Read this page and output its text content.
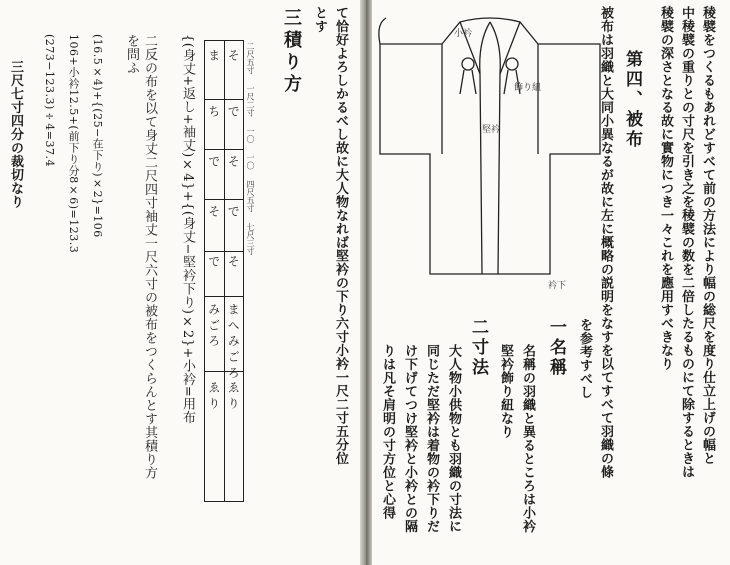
て恰好よろしかるべし故に大人物なれば堅衿の下り六寸小衿一尺二寸五分位
とす
三積り方
そ
で
そ
で
そ
ま へ み ご ろ
ゑ り
ま
ち
で
そ
で
み ご ろ
ゑ り
二尺五寸　 一尺二寸　 一〇　 一〇　 四尺五寸　 七尺三寸
{(身丈+返し+袖丈)×4}+{(身丈−堅衿下り)×2}+小衿=用布
二反の布を以て身丈二尺四寸袖丈一尺六寸の被布をつくらんとす其積り方
を問ふ
(16.5×4)+{(25−在下り)×2}=106
106+小衿12.5+(前下り分8×6)=123.3
(273−123.3)÷4=37.4
三尺七寸四分の裁切なり	稜襞をつくるもあれどすべて前の方法により幅の総尺を度り仕立上げの幅と
中稜襞の重りとの寸尺を引き之を稜襞の数を二倍したるものにて除するときは
稜襞の深さとなる故に實物につき一々これを應用すべきなり
第四、被布
被布は羽織と大同小異なるが故に左に概略の説明をなすを以てすべて羽織の條
を参考すべし
一名稱
名稱の羽織と異るところは小衿
堅衿飾り紐なり
二寸法
大人物小供物とも羽織の寸法に
同じただ堅衿は着物の衿下りだ
け下げてつけ堅衿と小衿との隔
りは凡そ肩明の寸方位と心得
小衿
飾り紐
堅衿
衿下
